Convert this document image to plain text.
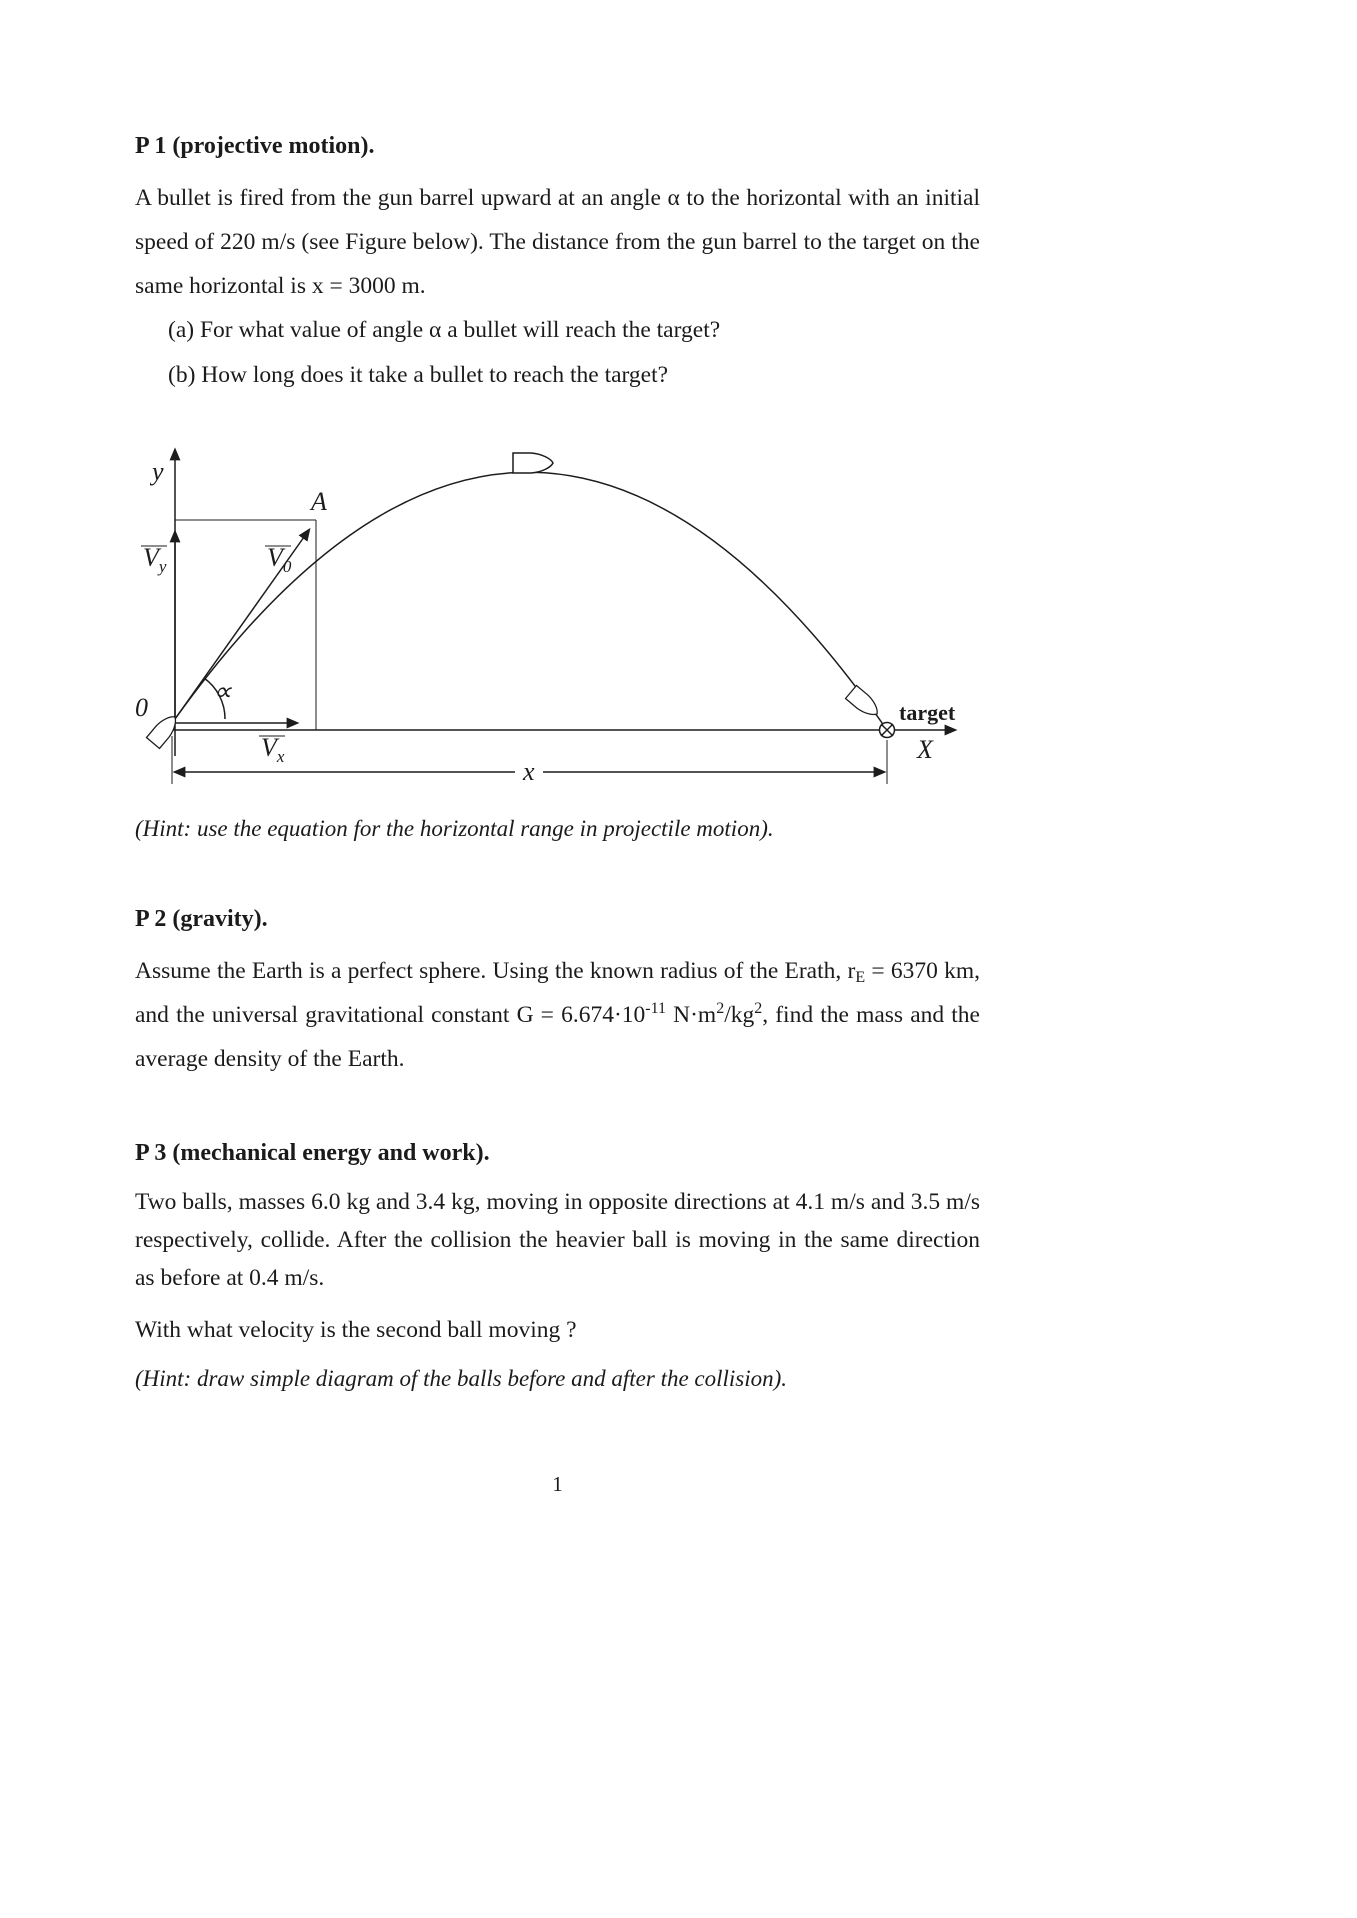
P 1 (projective motion).

A bullet is fired from the gun barrel upward at an angle α to the horizontal with an initial speed of 220 m/s (see Figure below). The distance from the gun barrel to the target on the same horizontal is x = 3000 m.

(a) For what value of angle α a bullet will reach the target?

(b) How long does it take a bullet to reach the target?

y
X
0
A
∝
$V_y$	$V_0$
$V_x$
x
target

(Hint: use the equation for the horizontal range in projectile motion).

P 2 (gravity).

Assume the Earth is a perfect sphere. Using the known radius of the Erath, $r_E = 6370$ km, and the universal gravitational constant $G = 6.674\cdot 10^{-11}$ $N\cdot m^2/kg^2$, find the mass and the average density of the Earth.

P 3 (mechanical energy and work).

Two balls, masses 6.0 kg and 3.4 kg, moving in opposite directions at 4.1 m/s and 3.5 m/s respectively, collide. After the collision the heavier ball is moving in the same direction as before at 0.4 m/s.

With what velocity is the second ball moving ?

(Hint: draw simple diagram of the balls before and after the collision).

1
